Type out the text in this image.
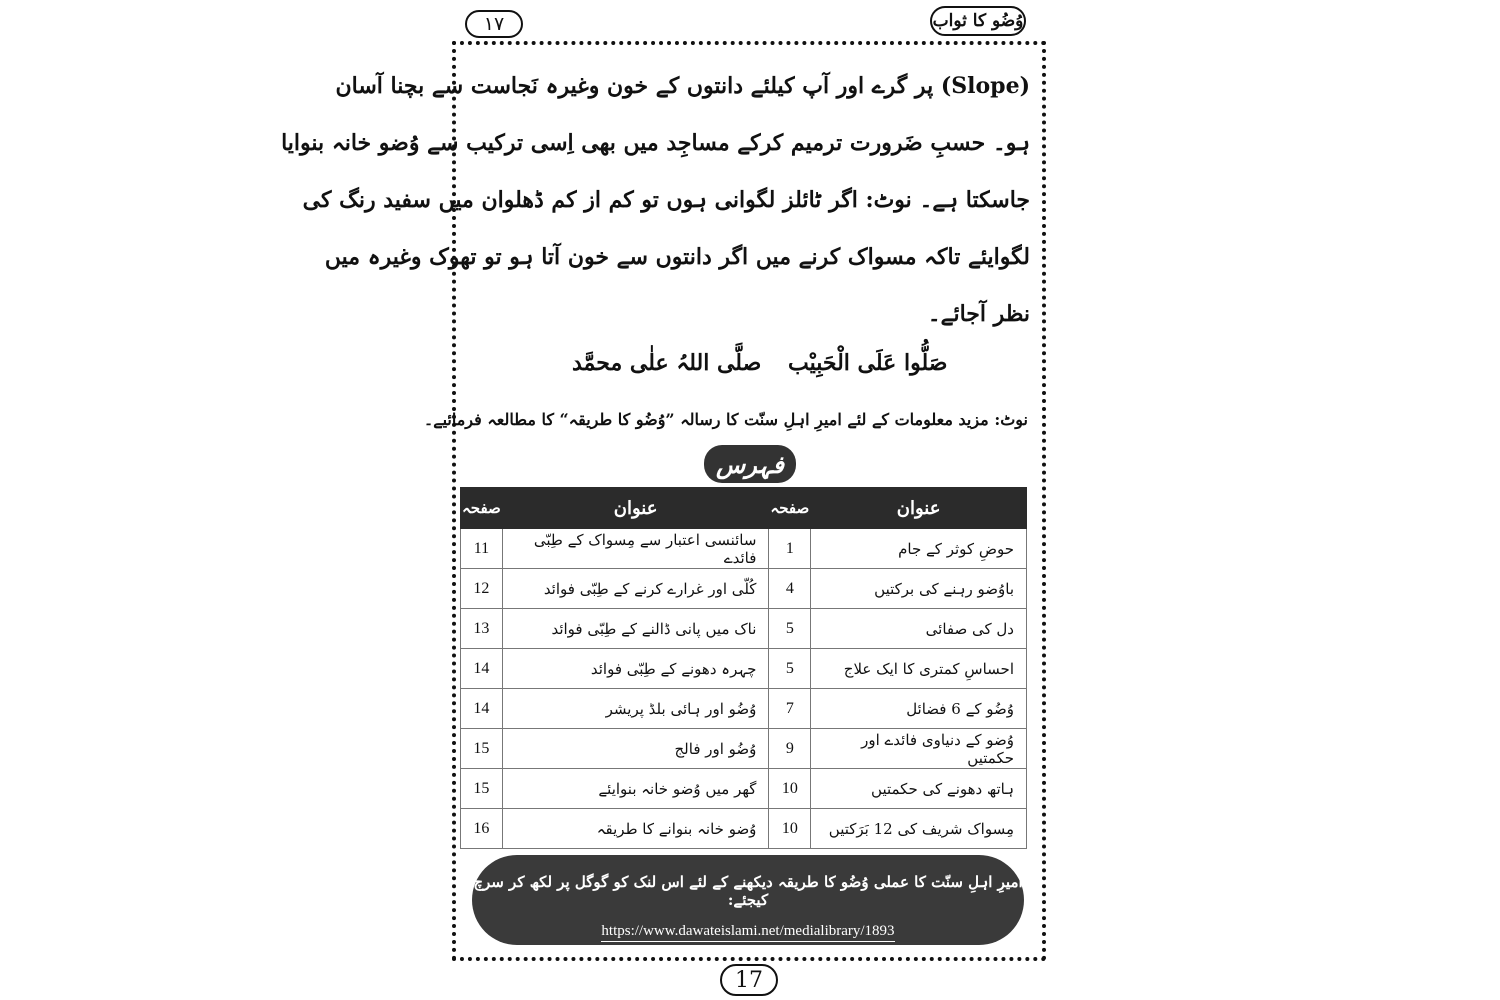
۱۷	وُضُو کا ثواب
(Slope) پر گرے اور آپ کیلئے دانتوں کے خون وغیرہ نَجاست سے بچنا آسان
ہو۔ حسبِ ضَرورت ترمیم کرکے مساجِد میں بھی اِسی ترکیب سے وُضو خانہ بنوایا
جاسکتا ہے۔ نوٹ: اگر ٹائلز لگوانی ہوں تو کم از کم ڈھلوان میں سفید رنگ کی
لگوایئے تاکہ مسواک کرنے میں اگر دانتوں سے خون آتا ہو تو تھوک وغیرہ میں
نظر آجائے۔
صَلُّوا عَلَی الْحَبِیْب
صلَّی اللہُ علٰی محمَّد
نوٹ: مزید معلومات کے لئے امیرِ اہلِ سنّت کا رسالہ ”وُضُو کا طریقہ“ کا مطالعہ فرمائیے۔
فہرس
عنوان	صفحہ	عنوان	صفحہ
حوضِ کوثر کے جام	1	سائنسی اعتبار سے مِسواک کے طِبّی فائدے	11
باوُضو رہنے کی برکتیں	4	کُلّی اور غرارے کرنے کے طِبّی فوائد	12
دل کی صفائی	5	ناک میں پانی ڈالنے کے طِبّی فوائد	13
احساسِ کمتری کا ایک علاج	5	چہرہ دھونے کے طِبّی فوائد	14
وُضُو کے 6 فضائل	7	وُضُو اور ہائی بلڈ پریشر	14
وُضو کے دنیاوی فائدے اور حکمتیں	9	وُضُو اور فالج	15
ہاتھ دھونے کی حکمتیں	10	گھر میں وُضو خانہ بنوایئے	15
مِسواک شریف کی 12 بَرَکتیں	10	وُضو خانہ بنوانے کا طریقہ	16
امیرِ اہلِ سنّت کا عملی وُضُو کا طریقہ دیکھنے کے لئے اس لنک کو گوگل پر لکھ کر سرچ کیجئے:
https://www.dawateislami.net/medialibrary/1893
17
